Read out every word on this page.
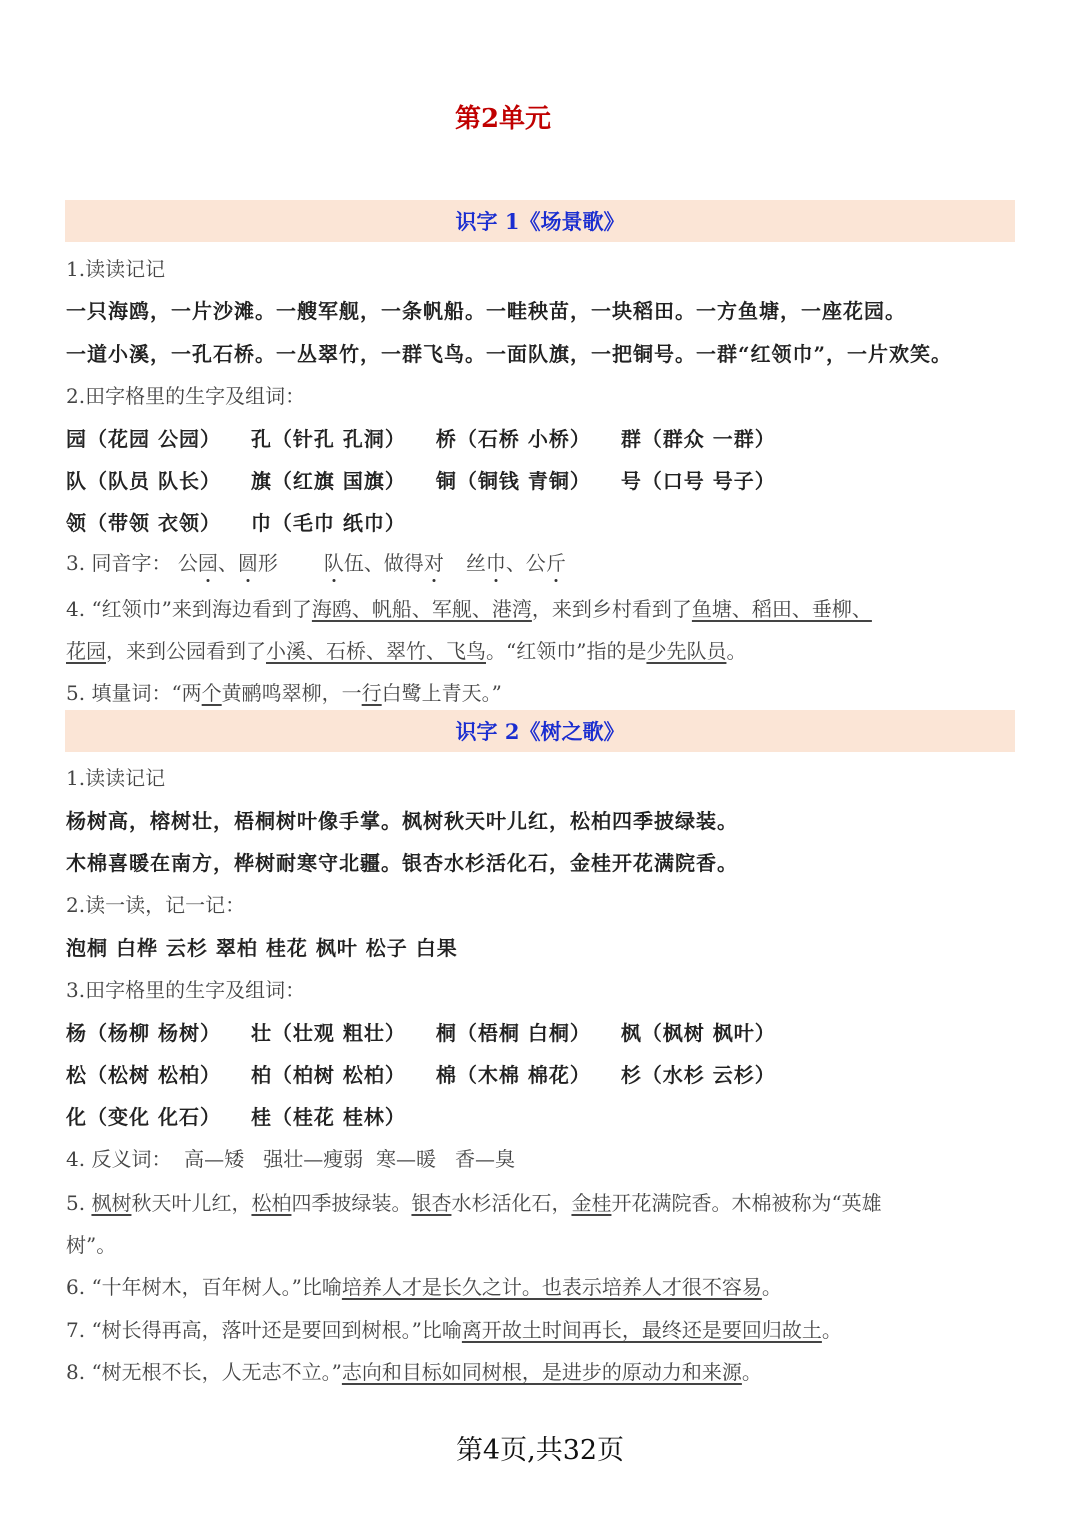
第2单元
识字 1《场景歌》
1.读读记记
一只海鸥，一片沙滩。一艘军舰，一条帆船。一畦秧苗，一块稻田。一方鱼塘，一座花园。
一道小溪，一孔石桥。一丛翠竹，一群飞鸟。一面队旗，一把铜号。一群“红领巾”，一片欢笑。
2.田字格里的生字及组词：
园（花园 公园） 孔（针孔 孔洞） 桥（石桥 小桥） 群（群众 一群）
队（队员 队长） 旗（红旗 国旗） 铜（铜钱 青铜） 号（口号 号子）
领（带领 衣领） 巾（毛巾 纸巾）
3. 同音字： 公园、圆形 队伍、做得对 丝巾、公斤
4. “红领巾”来到海边看到了海鸥、帆船、军舰、港湾，来到乡村看到了鱼塘、稻田、垂柳、
花园，来到公园看到了小溪、石桥、翠竹、飞鸟。“红领巾”指的是少先队员。
5. 填量词：“两个黄鹂鸣翠柳，一行白鹭上青天。”
识字 2《树之歌》
1.读读记记
杨树高，榕树壮，梧桐树叶像手掌。枫树秋天叶儿红，松柏四季披绿装。
木棉喜暖在南方，桦树耐寒守北疆。银杏水杉活化石，金桂开花满院香。
2.读一读，记一记：
泡桐 白桦 云杉 翠柏 桂花 枫叶 松子 白果
3.田字格里的生字及组词：
杨（杨柳 杨树） 壮（壮观 粗壮） 桐（梧桐 白桐） 枫（枫树 枫叶）
松（松树 松柏） 柏（柏树 松柏） 棉（木棉 棉花） 杉（水杉 云杉）
化（变化 化石） 桂（桂花 桂林）
4. 反义词：  高—矮   强壮—瘦弱  寒—暖   香—臭
5. 枫树秋天叶儿红，松柏四季披绿装。银杏水杉活化石，金桂开花满院香。木棉被称为“英雄
树”。
6. “十年树木，百年树人。”比喻培养人才是长久之计。也表示培养人才很不容易。
7. “树长得再高，落叶还是要回到树根。”比喻离开故土时间再长，最终还是要回归故土。
8. “树无根不长，人无志不立。”志向和目标如同树根，是进步的原动力和来源。
第4页,共32页
